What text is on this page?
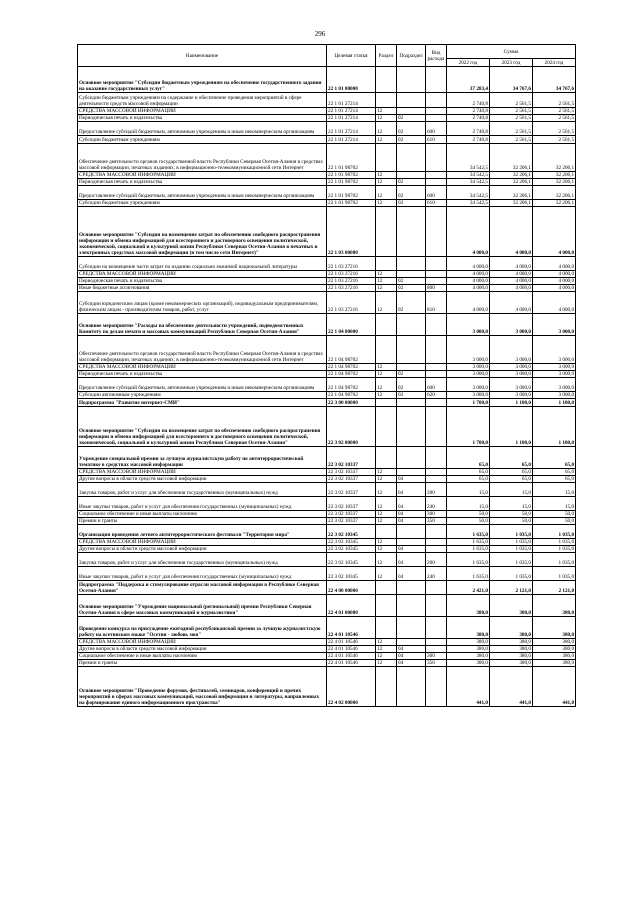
296
Наименование	Целевая статья	Раздел	Подраздел	Вид расхода	Сумма		
					2022 год	2023 год	2024 год
Основное мероприятие "Субсидии бюджетным учреждениям на обеспечение государственного задания на оказание государственных услуг"	22 1 01 00000				37 283,4	34 767,6	34 767,6
Субсидии бюджетным учреждениям на содержание и обеспечение проведения мероприятий в сфере деятельности средств массовой информации	22 1 01 27214				2 740,8	2 561,5	2 561,5
СРЕДСТВА МАССОВОЙ ИНФОРМАЦИИ	22 1 01 27214	12			2 740,8	2 561,5	2 561,5
Периодическая печать и издательства	22 1 01 27214	12	02		2 740,8	2 561,5	2 561,5
Предоставление субсидий бюджетным, автономным учреждениям и иным некоммерческим организациям	22 1 01 27214	12	02	600	2 740,8	2 561,5	2 561,5
Субсидии бюджетным учреждениям	22 1 01 27214	12	02	610	2 740,8	2 561,5	2 561,5
Обеспечение деятельности органов государственной власти Республики Северная Осетия-Алания в средствах массовой информации, печатных изданиях, в информационно-телекоммуникационной сети Интернет	22 1 01 98702				34 542,5	32 206,1	32 206,1
СРЕДСТВА МАССОВОЙ ИНФОРМАЦИИ	22 1 01 98702	12			34 542,5	32 206,1	32 206,1
Периодическая печать и издательства	22 1 01 98702	12	02		34 542,5	32 206,1	32 206,1
Предоставление субсидий бюджетным, автономным учреждениям и иным некоммерческим организациям	22 1 01 98702	12	02	600	34 542,5	32 206,1	32 206,1
Субсидии бюджетным учреждениям	22 1 01 98702	12	02	610	34 542,5	32 206,1	32 206,1
Основное мероприятие "Субсидии на возмещение затрат по обеспечению свободного распространения информации и обмена информацией для всестороннего и достоверного освещения политической, экономической, социальной и культурной жизни Республики Северная Осетия-Алания в печатных и электронных средствах массовой информации (в том числе сети Интернет)"	22 1 03 00000				4 000,0	4 000,0	4 000,0
Субсидии на возмещение части затрат по изданию социально значимой национальной литературы	22 1 03 27216				4 000,0	4 000,0	4 000,0
СРЕДСТВА МАССОВОЙ ИНФОРМАЦИИ	22 1 03 27216	12			4 000,0	4 000,0	4 000,0
Периодическая печать и издательства	22 1 03 27216	12	02		4 000,0	4 000,0	4 000,0
Иные бюджетные ассигнования	22 1 03 27216	12	02	800	4 000,0	4 000,0	4 000,0
Субсидии юридическим лицам (кроме некоммерческих организаций), индивидуальным предпринимателям, физическим лицам - производителям товаров, работ, услуг	22 1 03 27216	12	02	810	4 000,0	4 000,0	4 000,0
Основное мероприятие "Расходы на обеспечение деятельности учреждений, подведомственных Комитету по делам печати и массовых коммуникаций Республики Северная Осетия-Алания"	22 1 04 00000				3 000,0	3 000,0	3 000,0
Обеспечение деятельности органов государственной власти Республики Северная Осетия-Алания в средствах массовой информации, печатных изданиях, в информационно-телекоммуникационной сети Интернет	22 1 04 98702				3 000,0	3 000,0	3 000,0
СРЕДСТВА МАССОВОЙ ИНФОРМАЦИИ	22 1 04 98702	12			3 000,0	3 000,0	3 000,0
Периодическая печать и издательства	22 1 04 98702	12	02		3 000,0	3 000,0	3 000,0
Предоставление субсидий бюджетным, автономным учреждениям и иным некоммерческим организациям	22 1 04 98702	12	02	600	3 000,0	3 000,0	3 000,0
Субсидии автономным учреждениям	22 1 04 98702	12	02	620	3 000,0	3 000,0	3 000,0
Подпрограмма "Развитие интернет-СМИ"	22 3 00 00000				1 700,0	1 100,0	1 100,0
Основное мероприятие "Субсидии на возмещение затрат по обеспечению свободного распространения информации и обмена информацией для всестороннего и достоверного освещения политической, экономической, социальной и культурной жизни Республики Северная Осетия-Алания"	22 3 02 00000				1 700,0	1 100,0	1 100,0
Учреждение специальной премии за лучшую журналистскую работу по антитеррористической тематике в средствах массовой информации	22 3 02 10337				65,0	65,0	65,0
СРЕДСТВА МАССОВОЙ ИНФОРМАЦИИ	22 3 02 10337	12			65,0	65,0	65,0
Другие вопросы в области средств массовой информации	22 3 02 10337	12	04		65,0	65,0	65,0
Закупка товаров, работ и услуг для обеспечения государственных (муниципальных) нужд	22 3 02 10337	12	04	200	15,0	15,0	15,0
Иные закупки товаров, работ и услуг для обеспечения государственных (муниципальных) нужд	22 3 02 10337	12	04	240	15,0	15,0	15,0
Социальное обеспечение и иные выплаты населению	22 3 02 10337	12	04	300	50,0	50,0	50,0
Премии и гранты	22 3 02 10337	12	04	350	50,0	50,0	50,0
Организация проведения летнего антитеррористического фестиваля "Территория мира"	22 3 02 10345				1 635,0	1 035,0	1 035,0
СРЕДСТВА МАССОВОЙ ИНФОРМАЦИИ	22 3 02 10345	12			1 635,0	1 035,0	1 035,0
Другие вопросы в области средств массовой информации	22 3 02 10345	12	04		1 635,0	1 035,0	1 035,0
Закупка товаров, работ и услуг для обеспечения государственных (муниципальных) нужд	22 3 02 10345	12	04	200	1 635,0	1 035,0	1 035,0
Иные закупки товаров, работ и услуг для обеспечения государственных (муниципальных) нужд	22 3 02 10345	12	04	240	1 635,0	1 035,0	1 035,0
Подпрограмма "Поддержка и стимулирование отрасли массовой информации в Республике Северная Осетия-Алания"	22 4 00 00000				2 421,0	2 121,0	2 121,0
Основное мероприятие "Учреждение национальной (региональной) премии Республики Северная Осетия-Алания в сфере массовых коммуникаций и журналистики"	22 4 01 00000				380,0	380,0	380,0
Проведение конкурса на присуждение ежегодной республиканской премии за лучшую журналистскую работу на осетинском языке "Осетия - любовь моя"	22 4 01 10546				380,0	380,0	380,0
СРЕДСТВА МАССОВОЙ ИНФОРМАЦИИ	22 4 01 10546	12			380,0	380,0	380,0
Другие вопросы в области средств массовой информации	22 4 01 10546	12	04		380,0	380,0	380,0
Социальное обеспечение и иные выплаты населению	22 4 01 10546	12	04	300	380,0	380,0	380,0
Премии и гранты	22 4 01 10546	12	04	350	380,0	380,0	380,0
Основное мероприятие "Проведение форумов, фестивалей, семинаров, конференций и прочих мероприятий в сферах массовых коммуникаций, массовой информации и литературы, направленных на формирование единого информационного пространства"	22 4 02 00000				441,0	441,0	441,0
